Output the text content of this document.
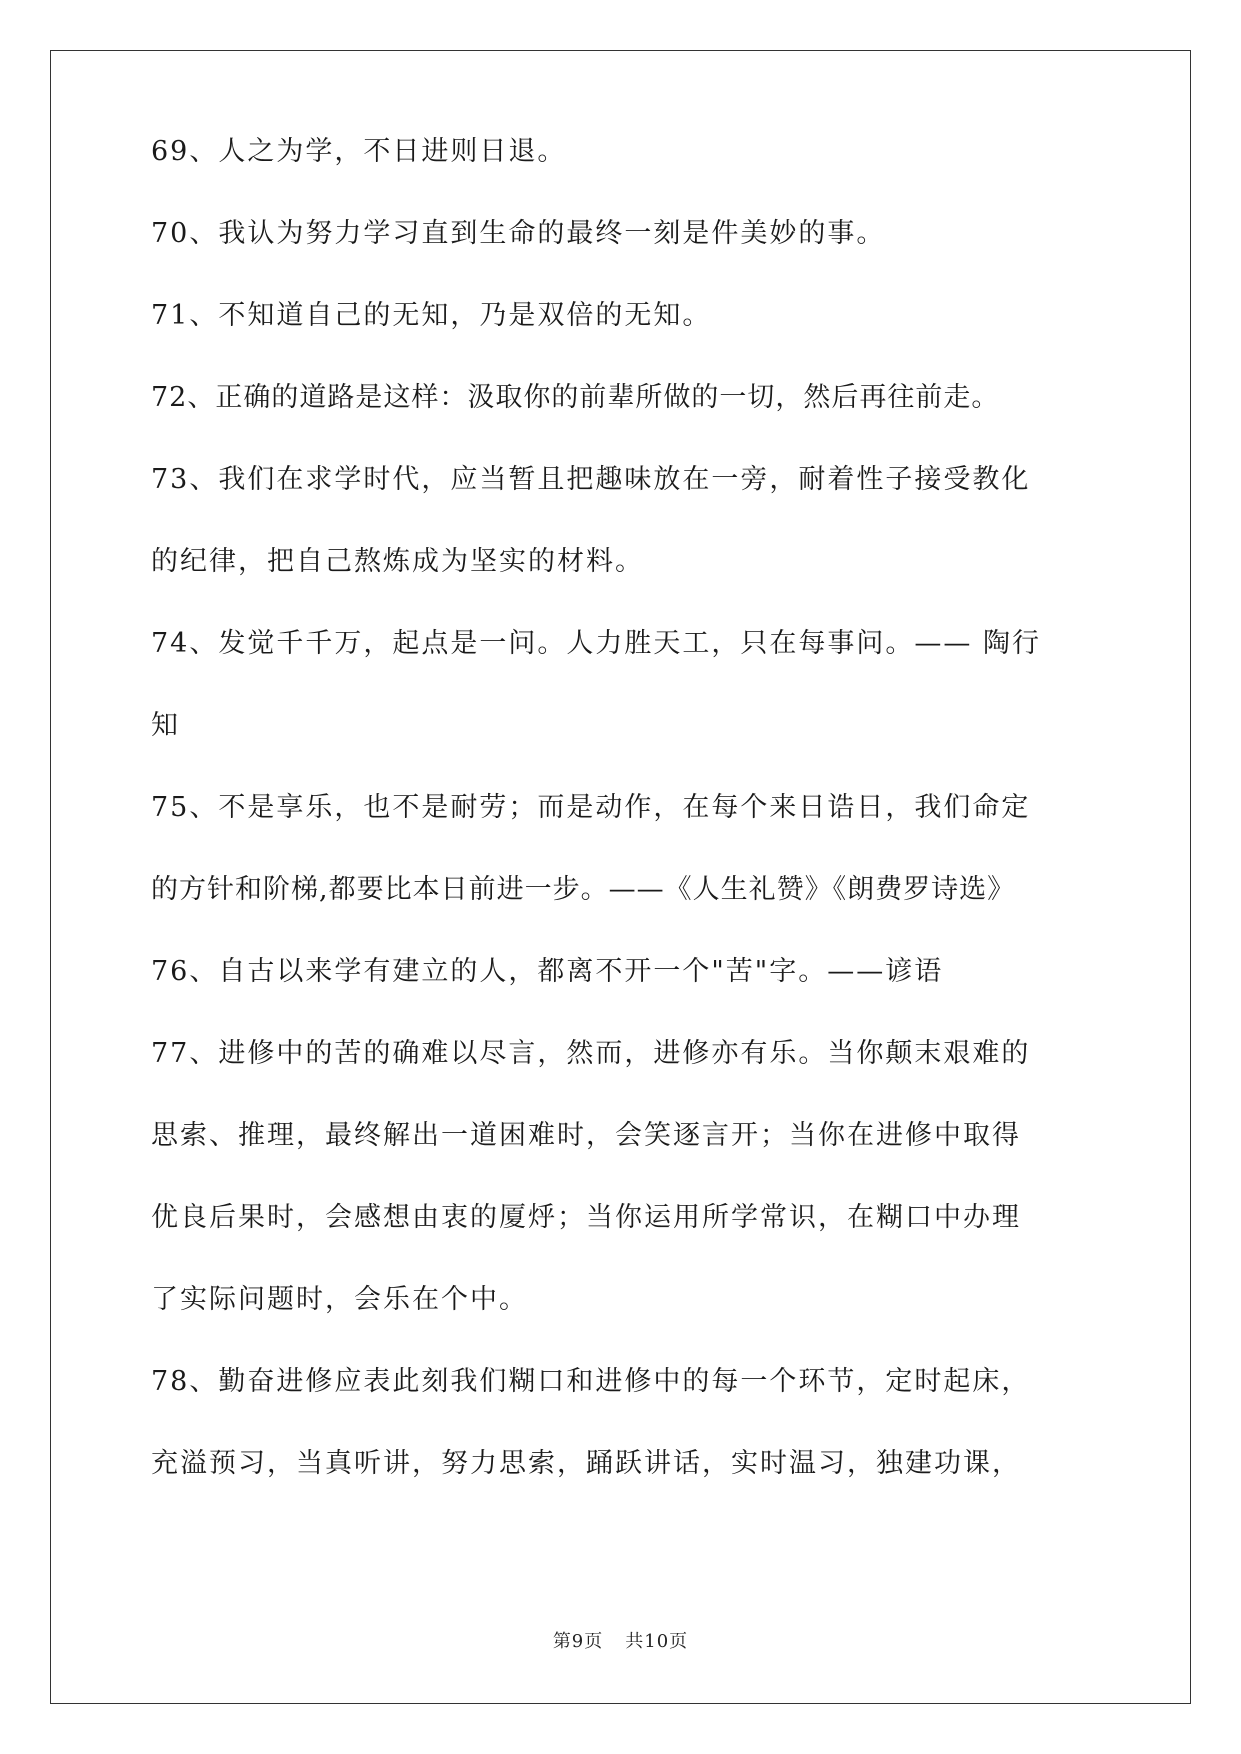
69、人之为学，不日进则日退。
70、我认为努力学习直到生命的最终一刻是件美妙的事。
71、不知道自己的无知，乃是双倍的无知。
72、正确的道路是这样：汲取你的前辈所做的一切，然后再往前走。
73、我们在求学时代，应当暂且把趣味放在一旁，耐着性子接受教化
的纪律，把自己熬炼成为坚实的材料。
74、发觉千千万，起点是一问。人力胜天工，只在每事问。—— 陶行
知
75、不是享乐，也不是耐劳；而是动作，在每个来日诰日，我们命定
的方针和阶梯,都要比本日前进一步。——《人生礼赞》《朗费罗诗选》
76、自古以来学有建立的人，都离不开一个"苦"字。——谚语
77、进修中的苦的确难以尽言，然而，进修亦有乐。当你颠末艰难的
思索、推理，最终解出一道困难时，会笑逐言开；当你在进修中取得
优良后果时，会感想由衷的厦烀；当你运用所学常识，在糊口中办理
了实际问题时，会乐在个中。
78、勤奋进修应表此刻我们糊口和进修中的每一个环节，定时起床，
充溢预习，当真听讲，努力思索，踊跃讲话，实时温习，独建功课，
第9页 共10页
